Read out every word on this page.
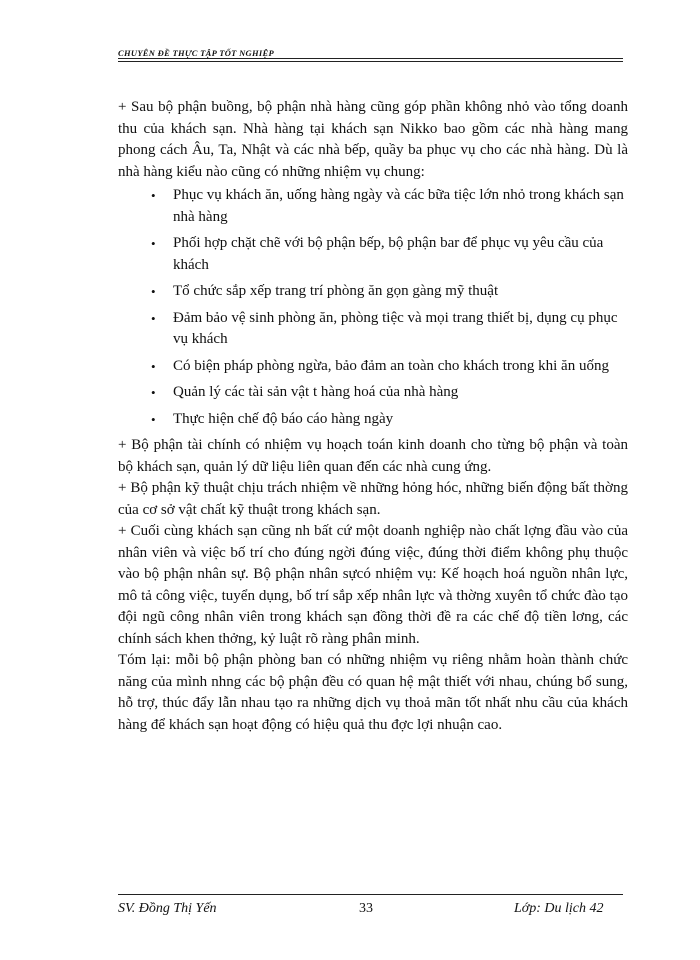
CHUYÊN ĐỀ THỰC TẬP TỐT NGHIỆP

+ Sau bộ phận buồng, bộ phận nhà hàng cũng góp phần không nhỏ vào tổng doanh thu của khách sạn. Nhà hàng tại khách sạn Nikko bao gồm các nhà hàng mang phong cách Âu, Ta, Nhật và các nhà bếp, quầy ba phục vụ cho các nhà hàng. Dù là nhà hàng kiểu nào cũng có những nhiệm vụ chung:

• Phục vụ khách ăn, uống hàng ngày và các bữa tiệc lớn nhỏ trong khách sạn nhà hàng
• Phối hợp chặt chẽ với bộ phận bếp, bộ phận bar để phục vụ yêu cầu của khách
• Tổ chức sắp xếp trang trí phòng ăn gọn gàng mỹ thuật
• Đảm bảo vệ sinh phòng ăn, phòng tiệc và mọi trang thiết bị, dụng cụ phục vụ khách
• Có biện pháp phòng ngừa, bảo đảm an toàn cho khách trong khi ăn uống
• Quản lý các tài sản vật t hàng hoá của nhà hàng
• Thực hiện chế độ báo cáo hàng ngày

+ Bộ phận tài chính có nhiệm vụ hoạch toán kinh doanh cho từng bộ phận và toàn bộ khách sạn, quản lý dữ liệu liên quan đến các nhà cung ứng.

+ Bộ phận kỹ thuật chịu trách nhiệm về những hỏng hóc, những biến động bất thờng của cơ sở vật chất kỹ thuật trong khách sạn.

+ Cuối cùng khách sạn cũng nh bất cứ một doanh nghiệp nào chất lợng đầu vào của nhân viên và việc bố trí cho đúng ngời đúng việc, đúng thời điểm không phụ thuộc vào bộ phận nhân sự. Bộ phận nhân sựcó nhiệm vụ: Kế hoạch hoá nguồn nhân lực, mô tả công việc, tuyển dụng, bố trí sắp xếp nhân lực và thờng xuyên tổ chức đào tạo đội ngũ công nhân viên trong khách sạn đồng thời đề ra các chế độ tiền lơng, các chính sách khen thởng, kỷ luật rõ ràng phân minh.

Tóm lại: mỗi bộ phận phòng ban có những nhiệm vụ riêng nhằm hoàn thành chức năng của mình nhng các bộ phận đều có quan hệ mật thiết với nhau, chúng bổ sung, hỗ trợ, thúc đẩy lẫn nhau tạo ra những dịch vụ thoả mãn tốt nhất nhu cầu của khách hàng để khách sạn hoạt động có hiệu quả thu đợc lợi nhuận cao.

SV. Đồng Thị Yến	33	Lớp: Du lịch 42
